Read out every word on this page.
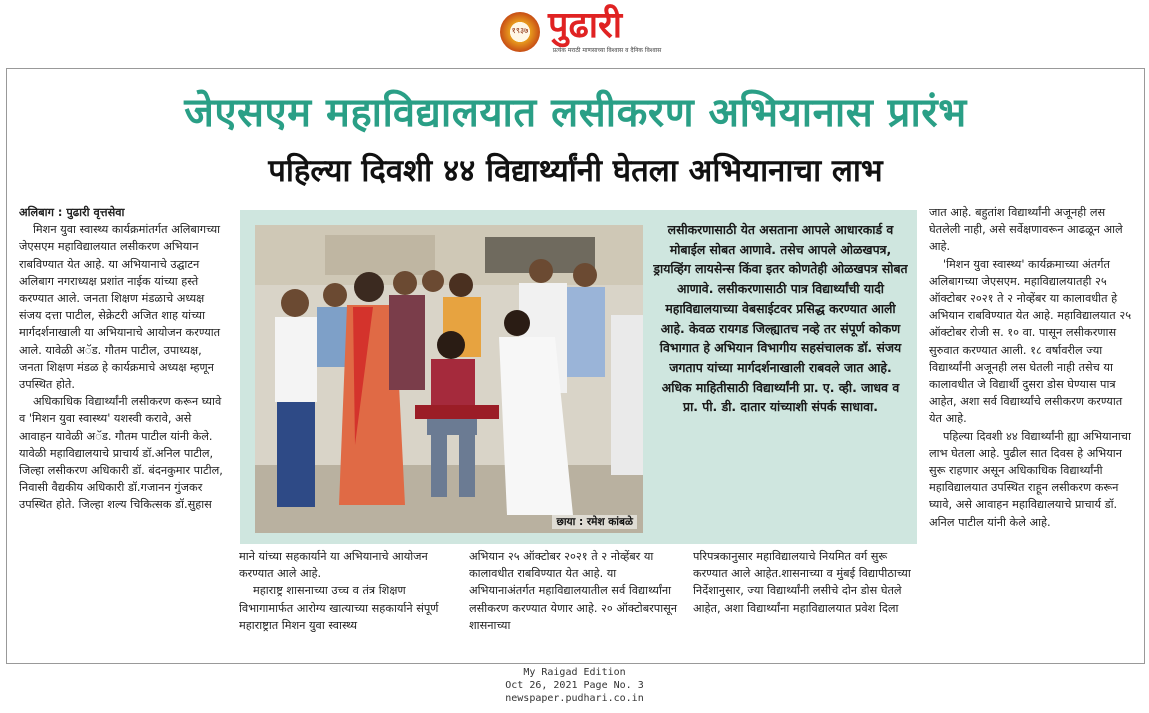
१९३७ पुढारी
प्रत्येक मराठी माणसाच्या विश्वास व दैनिक विश्वास
जेएसएम महाविद्यालयात लसीकरण अभियानास प्रारंभ
पहिल्या दिवशी ४४ विद्यार्थ्यांनी घेतला अभियानाचा लाभ

अलिबाग : पुढारी वृत्तसेवा

मिशन युवा स्वास्थ्य कार्यक्रमांतर्गत अलिबागच्या जेएसएम महाविद्यालयात लसीकरण अभियान राबविण्यात येत आहे. या अभियानाचे उद्घाटन अलिबाग नगराध्यक्ष प्रशांत नाईक यांच्या हस्ते करण्यात आले. जनता शिक्षण मंडळाचे अध्यक्ष संजय दत्ता पाटील, सेक्रेटरी अजित शाह यांच्या मार्गदर्शनाखाली या अभियानाचे आयोजन करण्यात आले. यावेळी अॅड. गौतम पाटील, उपाध्यक्ष, जनता शिक्षण मंडळ हे कार्यक्रमाचे अध्यक्ष म्हणून उपस्थित होते.

अधिकाधिक विद्यार्थ्यांनी लसीकरण करून घ्यावे व 'मिशन युवा स्वास्थ्य' यशस्वी करावे, असे आवाहन यावेळी अॅड. गौतम पाटील यांनी केले. यावेळी महाविद्यालयाचे प्राचार्य डॉ.अनिल पाटील, जिल्हा लसीकरण अधिकारी डॉ. बंदनकुमार पाटील, निवासी वैद्यकीय अधिकारी डॉ.गजानन गुंजकर उपस्थित होते. जिल्हा शल्य चिकित्सक डॉ.सुहास

छाया : रमेश कांबळे
लसीकरणासाठी येत असताना आपले आधारकार्ड व मोबाईल सोबत आणावे. तसेच आपले ओळखपत्र, ड्रायव्हिंग लायसेन्स किंवा इतर कोणतेही ओळखपत्र सोबत आणावे. लसीकरणासाठी पात्र विद्यार्थ्यांची यादी महाविद्यालयाच्या वेबसाईटवर प्रसिद्ध करण्यात आली आहे. केवळ रायगड जिल्ह्यातच नव्हे तर संपूर्ण कोकण विभागात हे अभियान विभागीय सहसंचालक डॉ. संजय जगताप यांच्या मार्गदर्शनाखाली राबवले जात आहे. अधिक माहितीसाठी विद्यार्थ्यांनी प्रा. ए. व्ही. जाधव व प्रा. पी. डी. दातार यांच्याशी संपर्क साधावा.

माने यांच्या सहकार्याने या अभियानाचे आयोजन करण्यात आले आहे.

महाराष्ट्र शासनाच्या उच्च व तंत्र शिक्षण विभागामार्फत आरोग्य खात्याच्या सहकार्याने संपूर्ण महाराष्ट्रात मिशन युवा स्वास्थ्य

अभियान २५ ऑक्टोबर २०२१ ते २ नोव्हेंबर या कालावधीत राबविण्यात येत आहे. या अभियानाअंतर्गत महाविद्यालयातील सर्व विद्यार्थ्यांना लसीकरण करण्यात येणार आहे. २० ऑक्टोबरपासून शासनाच्या

परिपत्रकानुसार महाविद्यालयाचे नियमित वर्ग सुरू करण्यात आले आहेत.शासनाच्या व मुंबई विद्यापीठाच्या निर्देशानुसार, ज्या विद्यार्थ्यांनी लसीचे दोन डोस घेतले आहेत, अशा विद्यार्थ्यांना महाविद्यालयात प्रवेश दिला

जात आहे. बहुतांश विद्यार्थ्यांनी अजूनही लस घेतलेली नाही, असे सर्वेक्षणावरून आढळून आले आहे.

'मिशन युवा स्वास्थ्य' कार्यक्रमाच्या अंतर्गत अलिबागच्या जेएसएम. महाविद्यालयातही २५ ऑक्टोबर २०२१ ते २ नोव्हेंबर या कालावधीत हे अभियान राबविण्यात येत आहे. महाविद्यालयात २५ ऑक्टोबर रोजी स. १० वा. पासून लसीकरणास सुरुवात करण्यात आली. १८ वर्षावरील ज्या विद्यार्थ्यांनी अजूनही लस घेतली नाही तसेच या कालावधीत जे विद्यार्थी दुसरा डोस घेण्यास पात्र आहेत, अशा सर्व विद्यार्थ्यांचे लसीकरण करण्यात येत आहे.

पहिल्या दिवशी ४४ विद्यार्थ्यांनी ह्या अभियानाचा लाभ घेतला आहे. पुढील सात दिवस हे अभियान सुरू राहणार असून अधिकाधिक विद्यार्थ्यांनी महाविद्यालयात उपस्थित राहून लसीकरण करून घ्यावे, असे आवाहन महाविद्यालयाचे प्राचार्य डॉ. अनिल पाटील यांनी केले आहे.

My Raigad Edition
Oct 26, 2021 Page No. 3
newspaper.pudhari.co.in
